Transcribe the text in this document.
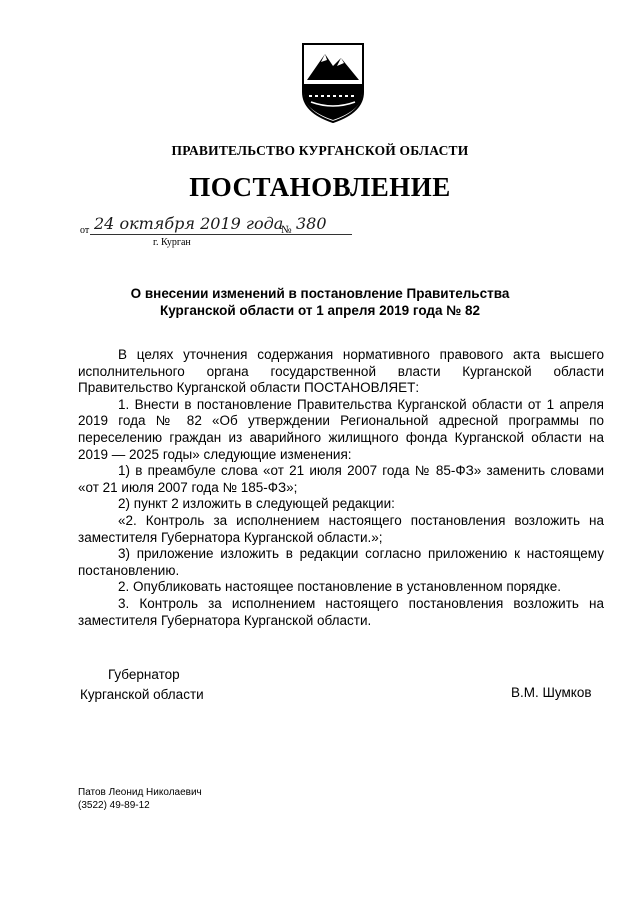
ПРАВИТЕЛЬСТВО КУРГАНСКОЙ ОБЛАСТИ
ПОСТАНОВЛЕНИЕ
от 24 октября 2019 года
№ 380
г. Курган
О внесении изменений в постановление Правительства
Курганской области от 1 апреля 2019 года № 82

В целях уточнения содержания нормативного правового акта высшего исполнительного органа государственной власти Курганской области Правительство Курганской области ПОСТАНОВЛЯЕТ:

1. Внести в постановление Правительства Курганской области от 1 апреля 2019 года № 82 «Об утверждении Региональной адресной программы по переселению граждан из аварийного жилищного фонда Курганской области на 2019 — 2025 годы» следующие изменения:

1) в преамбуле слова «от 21 июля 2007 года № 85-ФЗ» заменить словами «от 21 июля 2007 года № 185-ФЗ»;

2) пункт 2 изложить в следующей редакции:

«2. Контроль за исполнением настоящего постановления возложить на заместителя Губернатора Курганской области.»;

3) приложение изложить в редакции согласно приложению к настоящему постановлению.

2. Опубликовать настоящее постановление в установленном порядке.

3. Контроль за исполнением настоящего постановления возложить на заместителя Губернатора Курганской области.

Губернатор
Курганской области	В.М. Шумков
Патов Леонид Николаевич
(3522) 49-89-12
